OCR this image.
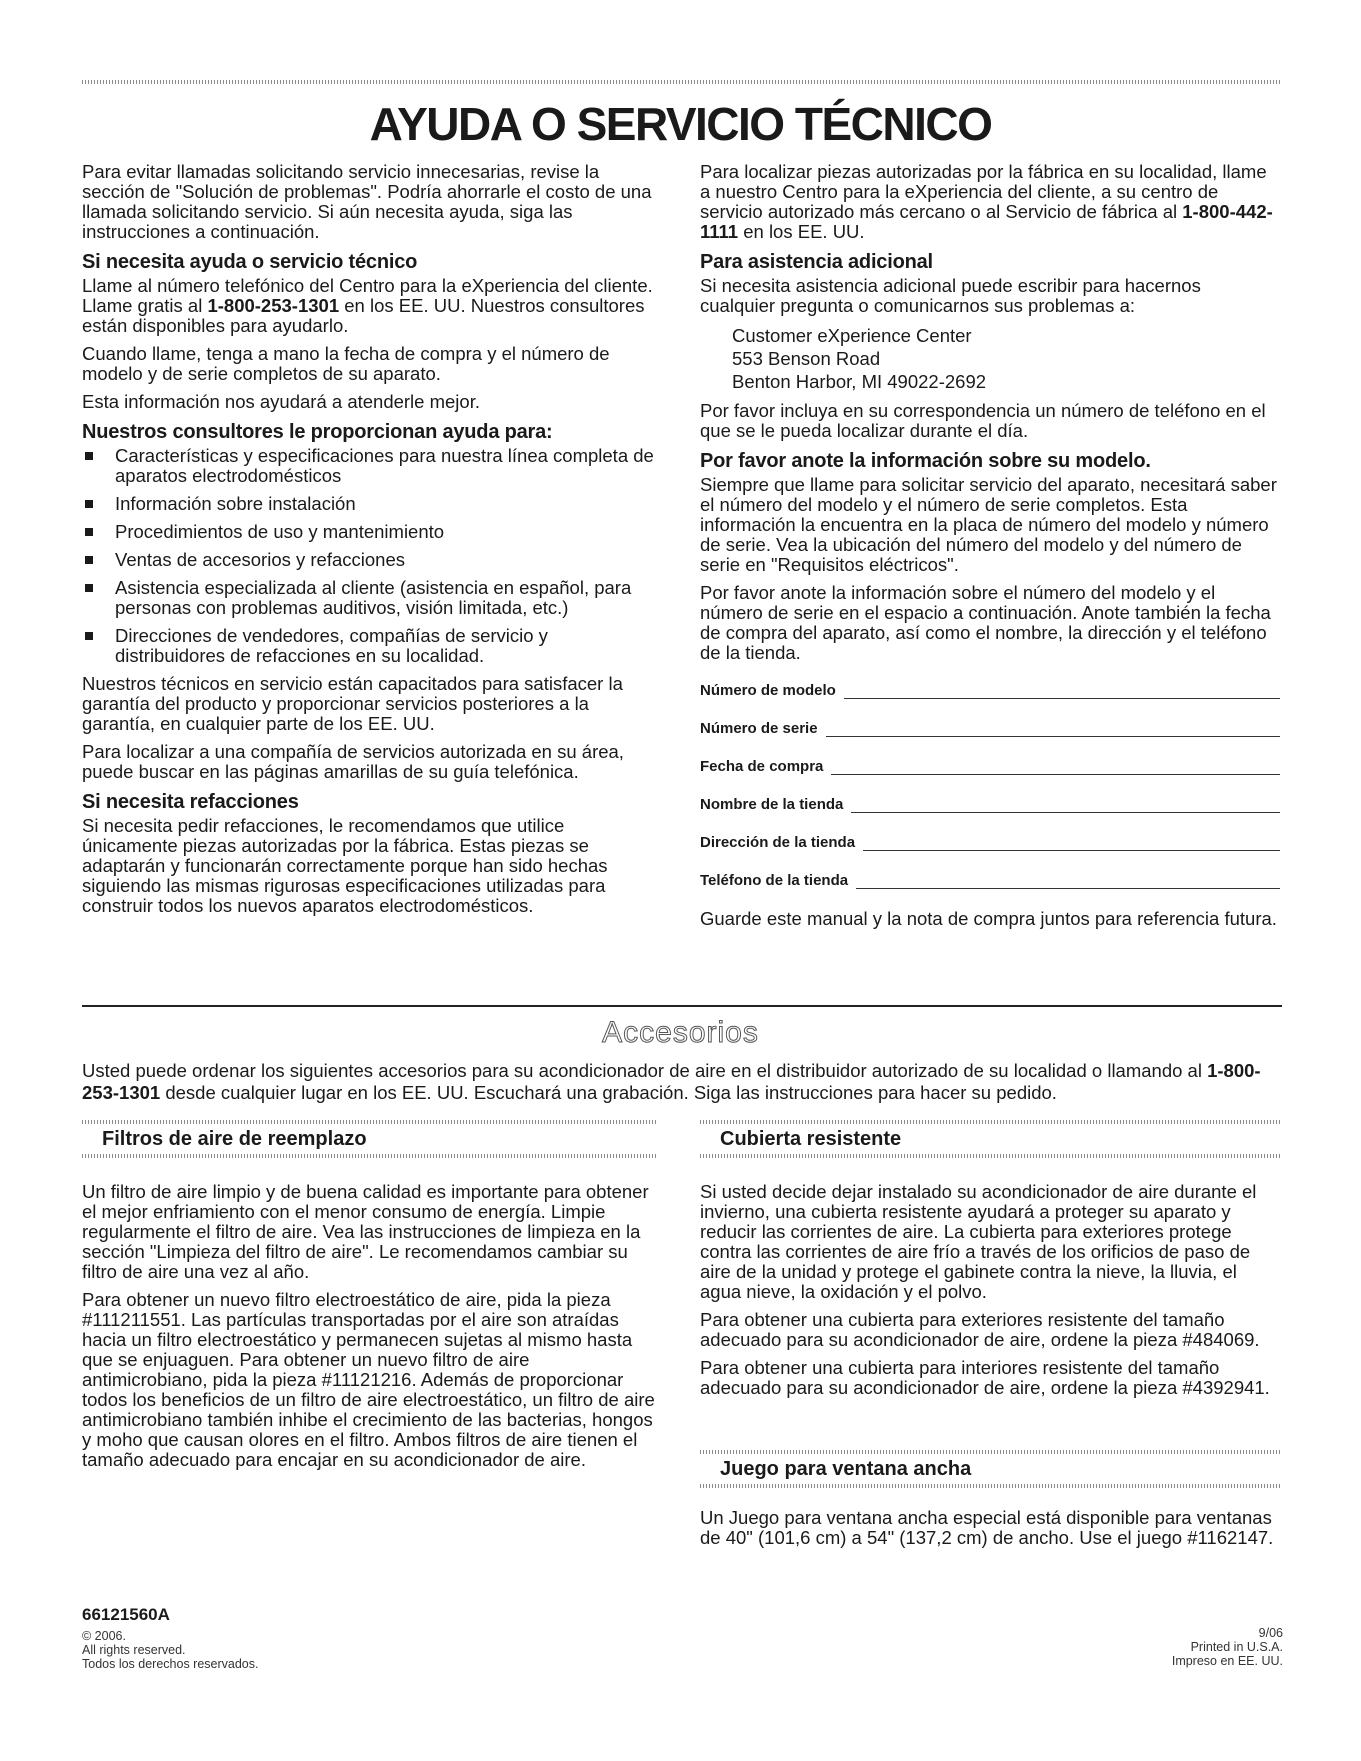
AYUDA O SERVICIO TÉCNICO

Para evitar llamadas solicitando servicio innecesarias, revise la sección de "Solución de problemas". Podría ahorrarle el costo de una llamada solicitando servicio. Si aún necesita ayuda, siga las instrucciones a continuación.

Si necesita ayuda o servicio técnico

Llame al número telefónico del Centro para la eXperiencia del cliente. Llame gratis al 1-800-253-1301 en los EE. UU. Nuestros consultores están disponibles para ayudarlo.

Cuando llame, tenga a mano la fecha de compra y el número de modelo y de serie completos de su aparato.

Esta información nos ayudará a atenderle mejor.

Nuestros consultores le proporcionan ayuda para:
Características y especificaciones para nuestra línea completa de aparatos electrodomésticos
Información sobre instalación
Procedimientos de uso y mantenimiento
Ventas de accesorios y refacciones
Asistencia especializada al cliente (asistencia en español, para personas con problemas auditivos, visión limitada, etc.)
Direcciones de vendedores, compañías de servicio y distribuidores de refacciones en su localidad.

Nuestros técnicos en servicio están capacitados para satisfacer la garantía del producto y proporcionar servicios posteriores a la garantía, en cualquier parte de los EE. UU.

Para localizar a una compañía de servicios autorizada en su área, puede buscar en las páginas amarillas de su guía telefónica.

Si necesita refacciones

Si necesita pedir refacciones, le recomendamos que utilice únicamente piezas autorizadas por la fábrica. Estas piezas se adaptarán y funcionarán correctamente porque han sido hechas siguiendo las mismas rigurosas especificaciones utilizadas para construir todos los nuevos aparatos electrodomésticos.

Para localizar piezas autorizadas por la fábrica en su localidad, llame a nuestro Centro para la eXperiencia del cliente, a su centro de servicio autorizado más cercano o al Servicio de fábrica al 1-800-442-1111 en los EE. UU.

Para asistencia adicional

Si necesita asistencia adicional puede escribir para hacernos cualquier pregunta o comunicarnos sus problemas a:

Customer eXperience Center
553 Benson Road
Benton Harbor, MI 49022-2692

Por favor incluya en su correspondencia un número de teléfono en el que se le pueda localizar durante el día.

Por favor anote la información sobre su modelo.

Siempre que llame para solicitar servicio del aparato, necesitará saber el número del modelo y el número de serie completos. Esta información la encuentra en la placa de número del modelo y número de serie. Vea la ubicación del número del modelo y del número de serie en "Requisitos eléctricos".

Por favor anote la información sobre el número del modelo y el número de serie en el espacio a continuación. Anote también la fecha de compra del aparato, así como el nombre, la dirección y el teléfono de la tienda.

Número de modelo
Número de serie
Fecha de compra
Nombre de la tienda
Dirección de la tienda
Teléfono de la tienda

Guarde este manual y la nota de compra juntos para referencia futura.

Accesorios
Usted puede ordenar los siguientes accesorios para su acondicionador de aire en el distribuidor autorizado de su localidad o llamando al 1-800-253-1301 desde cualquier lugar en los EE. UU. Escuchará una grabación. Siga las instrucciones para hacer su pedido.
Filtros de aire de reemplazo

Un filtro de aire limpio y de buena calidad es importante para obtener el mejor enfriamiento con el menor consumo de energía. Limpie regularmente el filtro de aire. Vea las instrucciones de limpieza en la sección "Limpieza del filtro de aire". Le recomendamos cambiar su filtro de aire una vez al año.

Para obtener un nuevo filtro electroestático de aire, pida la pieza #111211551. Las partículas transportadas por el aire son atraídas hacia un filtro electroestático y permanecen sujetas al mismo hasta que se enjuaguen. Para obtener un nuevo filtro de aire antimicrobiano, pida la pieza #11121216. Además de proporcionar todos los beneficios de un filtro de aire electroestático, un filtro de aire antimicrobiano también inhibe el crecimiento de las bacterias, hongos y moho que causan olores en el filtro. Ambos filtros de aire tienen el tamaño adecuado para encajar en su acondicionador de aire.

Cubierta resistente

Si usted decide dejar instalado su acondicionador de aire durante el invierno, una cubierta resistente ayudará a proteger su aparato y reducir las corrientes de aire. La cubierta para exteriores protege contra las corrientes de aire frío a través de los orificios de paso de aire de la unidad y protege el gabinete contra la nieve, la lluvia, el agua nieve, la oxidación y el polvo.

Para obtener una cubierta para exteriores resistente del tamaño adecuado para su acondicionador de aire, ordene la pieza #484069.

Para obtener una cubierta para interiores resistente del tamaño adecuado para su acondicionador de aire, ordene la pieza #4392941.

Juego para ventana ancha

Un Juego para ventana ancha especial está disponible para ventanas de 40" (101,6 cm) a 54" (137,2 cm) de ancho. Use el juego #1162147.

66121560A
© 2006.
All rights reserved.
Todos los derechos reservados.
9/06
Printed in U.S.A.
Impreso en EE. UU.
